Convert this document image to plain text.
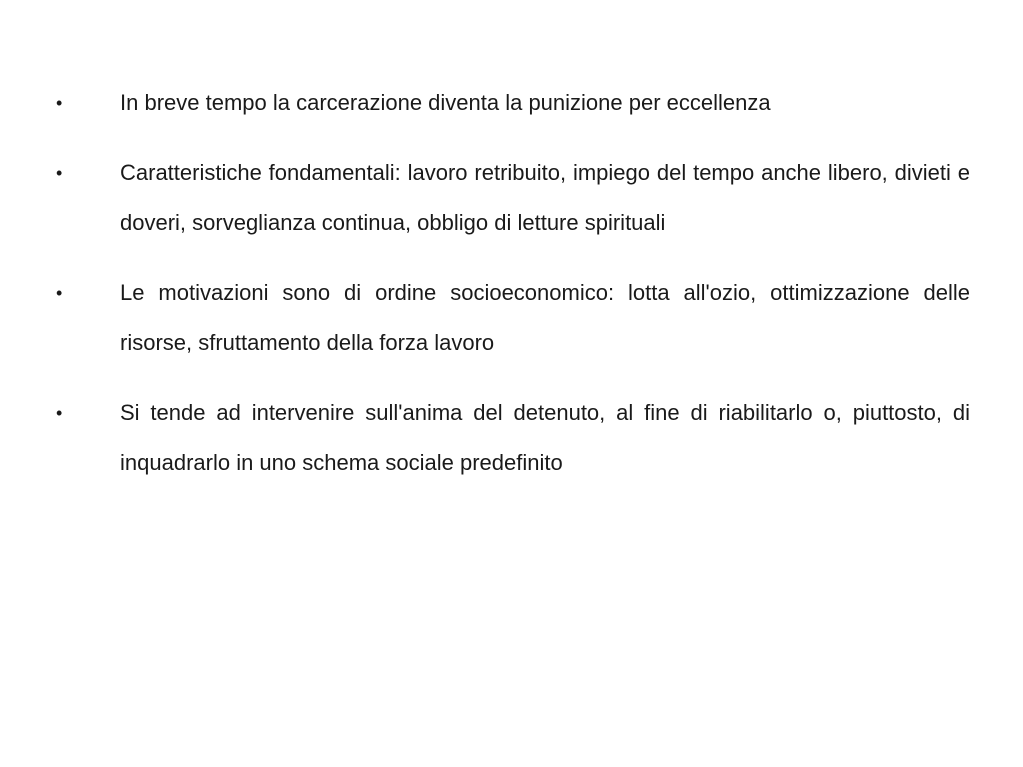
•	In breve tempo la carcerazione diventa la punizione per eccellenza
•	Caratteristiche fondamentali: lavoro retribuito, impiego del tempo anche libero, divieti e doveri, sorveglianza continua, obbligo di letture spirituali
•	Le motivazioni sono di ordine socioeconomico: lotta all'ozio, ottimizzazione delle risorse, sfruttamento della forza lavoro
•	Si tende ad intervenire sull'anima del detenuto, al fine di riabilitarlo o, piuttosto, di inquadrarlo in uno schema sociale predefinito
